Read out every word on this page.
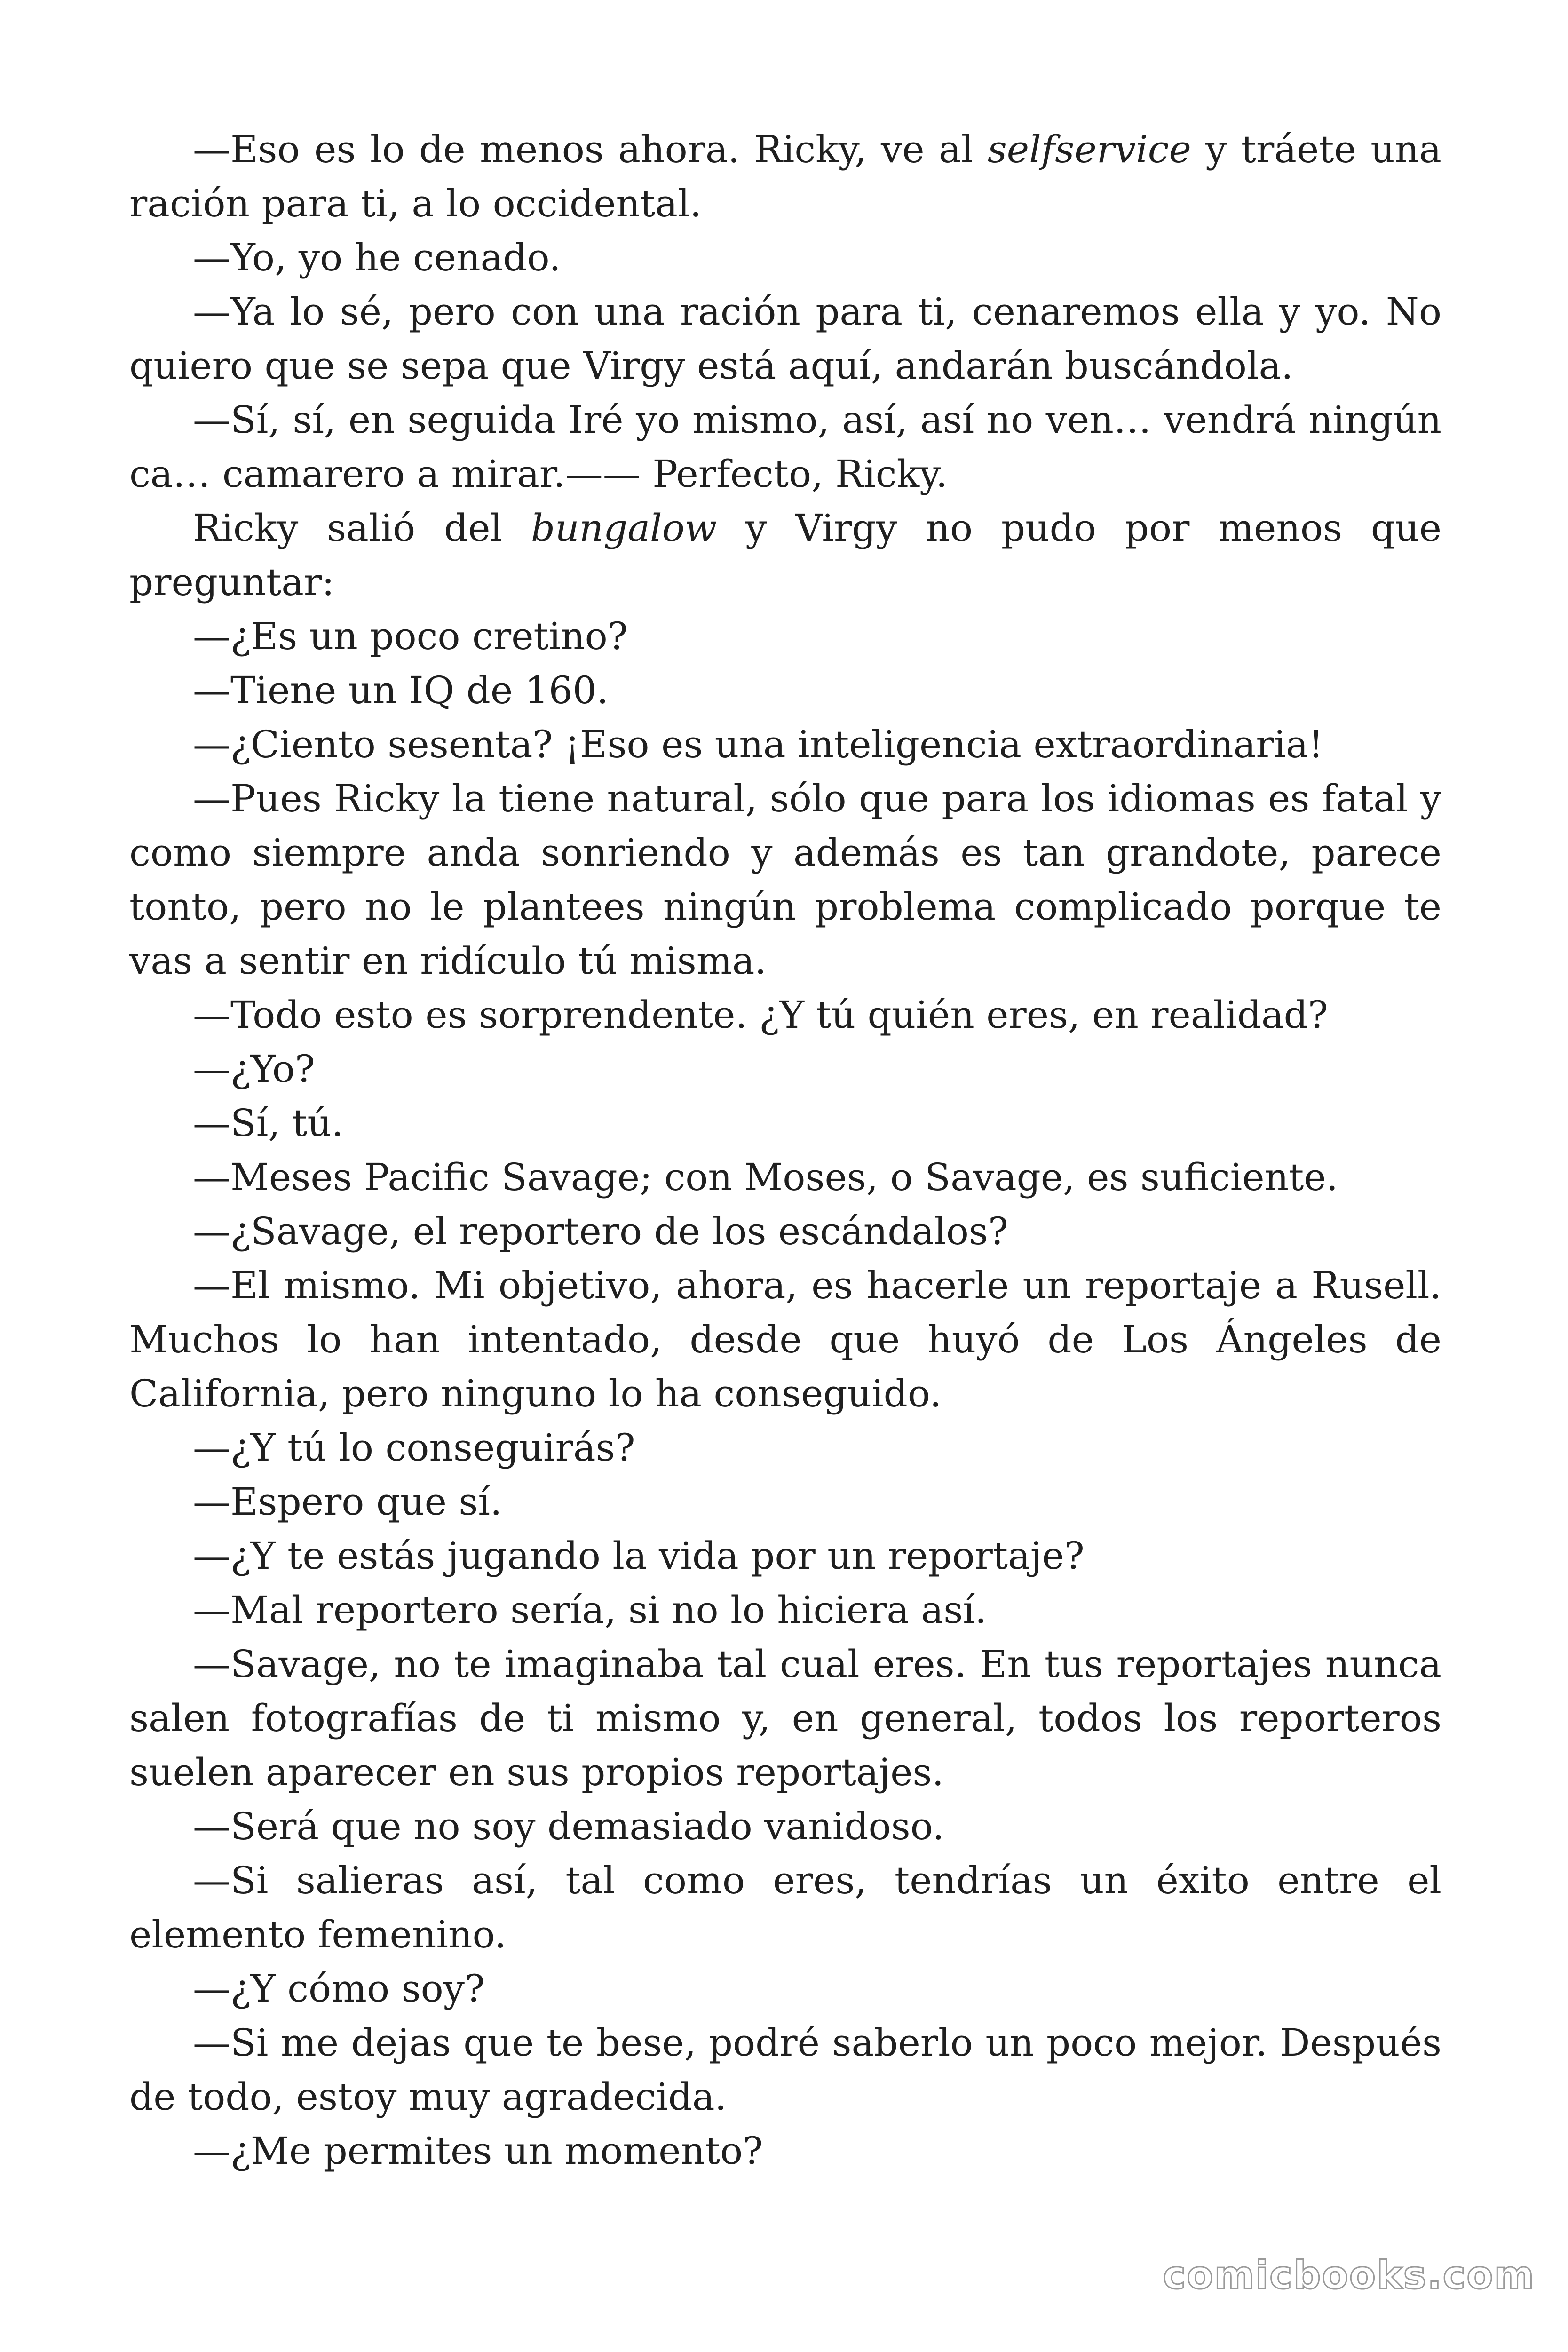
—Eso es lo de menos ahora. Ricky, ve al selfservice y tráete una ración para ti, a lo occidental.

—Yo, yo he cenado.

—Ya lo sé, pero con una ración para ti, cenaremos ella y yo. No quiero que se sepa que Virgy está aquí, andarán buscándola.

—Sí, sí, en seguida Iré yo mismo, así, así no ven… vendrá ningún ca… camarero a mirar.—— Perfecto, Ricky.

Ricky salió del bungalow y Virgy no pudo por menos que preguntar:

—¿Es un poco cretino?

—Tiene un IQ de 160.

—¿Ciento sesenta? ¡Eso es una inteligencia extraordinaria!

—Pues Ricky la tiene natural, sólo que para los idiomas es fatal y como siempre anda sonriendo y además es tan grandote, parece tonto, pero no le plantees ningún problema complicado porque te vas a sentir en ridículo tú misma.

—Todo esto es sorprendente. ¿Y tú quién eres, en realidad?

—¿Yo?

—Sí, tú.

—Meses Pacific Savage; con Moses, o Savage, es suficiente.

—¿Savage, el reportero de los escándalos?

—El mismo. Mi objetivo, ahora, es hacerle un reportaje a Rusell. Muchos lo han intentado, desde que huyó de Los Ángeles de California, pero ninguno lo ha conseguido.

—¿Y tú lo conseguirás?

—Espero que sí.

—¿Y te estás jugando la vida por un reportaje?

—Mal reportero sería, si no lo hiciera así.

—Savage, no te imaginaba tal cual eres. En tus reportajes nunca salen fotografías de ti mismo y, en general, todos los reporteros suelen aparecer en sus propios reportajes.

—Será que no soy demasiado vanidoso.

—Si salieras así, tal como eres, tendrías un éxito entre el elemento femenino.

—¿Y cómo soy?

—Si me dejas que te bese, podré saberlo un poco mejor. Después de todo, estoy muy agradecida.

—¿Me permites un momento?

comicbooks.com
